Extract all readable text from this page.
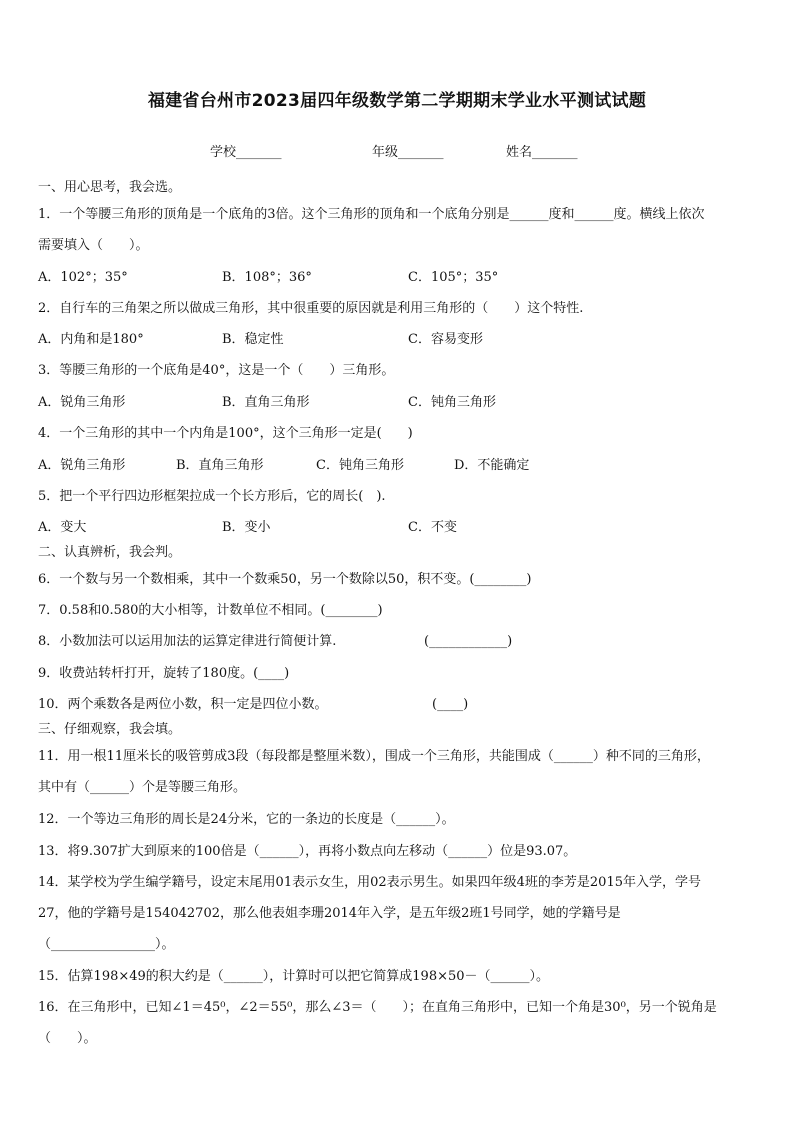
福建省台州市2023届四年级数学第二学期期末学业水平测试试题
学校_______	年级_______	姓名_______
一、用心思考，我会选。
1．一个等腰三角形的顶角是一个底角的3倍。这个三角形的顶角和一个底角分别是______度和______度。横线上依次
需要填入（　　）。
A．102°；35°	B．108°；36°	C．105°；35°
2．自行车的三角架之所以做成三角形，其中很重要的原因就是利用三角形的（　　）这个特性.
A．内角和是180°	B．稳定性	C．容易变形
3．等腰三角形的一个底角是40°，这是一个（　　）三角形。
A．锐角三角形	B．直角三角形	C．钝角三角形
4．一个三角形的其中一个内角是100°，这个三角形一定是(　　)
A．锐角三角形	B．直角三角形	C．钝角三角形	D．不能确定
5．把一个平行四边形框架拉成一个长方形后，它的周长(　).
A．变大	B．变小	C．不变
二、认真辨析，我会判。
6．一个数与另一个数相乘，其中一个数乘50，另一个数除以50，积不变。(________)
7．0.58和0.580的大小相等，计数单位不相同。(________)
8．小数加法可以运用加法的运算定律进行简便计算.	(____________)
9．收费站转杆打开，旋转了180度。(____)
10．两个乘数各是两位小数，积一定是四位小数。	(____)
三、仔细观察，我会填。
11．用一根11厘米长的吸管剪成3段（每段都是整厘米数），围成一个三角形，共能围成（______）种不同的三角形，
其中有（______）个是等腰三角形。
12．一个等边三角形的周长是24分米，它的一条边的长度是（______）。
13．将9.307扩大到原来的100倍是（______），再将小数点向左移动（______）位是93.07。
14．某学校为学生编学籍号，设定末尾用01表示女生，用02表示男生。如果四年级4班的李芳是2015年入学，学号
27，他的学籍号是154042702，那么他表姐李珊2014年入学，是五年级2班1号同学，她的学籍号是
（________________）。
15．估算198×49的积大约是（______），计算时可以把它简算成198×50－（______）。
16．在三角形中，已知∠1＝45⁰，∠2＝55⁰，那么∠3＝（　　）；在直角三角形中，已知一个角是30⁰，另一个锐角是
（　　）。
